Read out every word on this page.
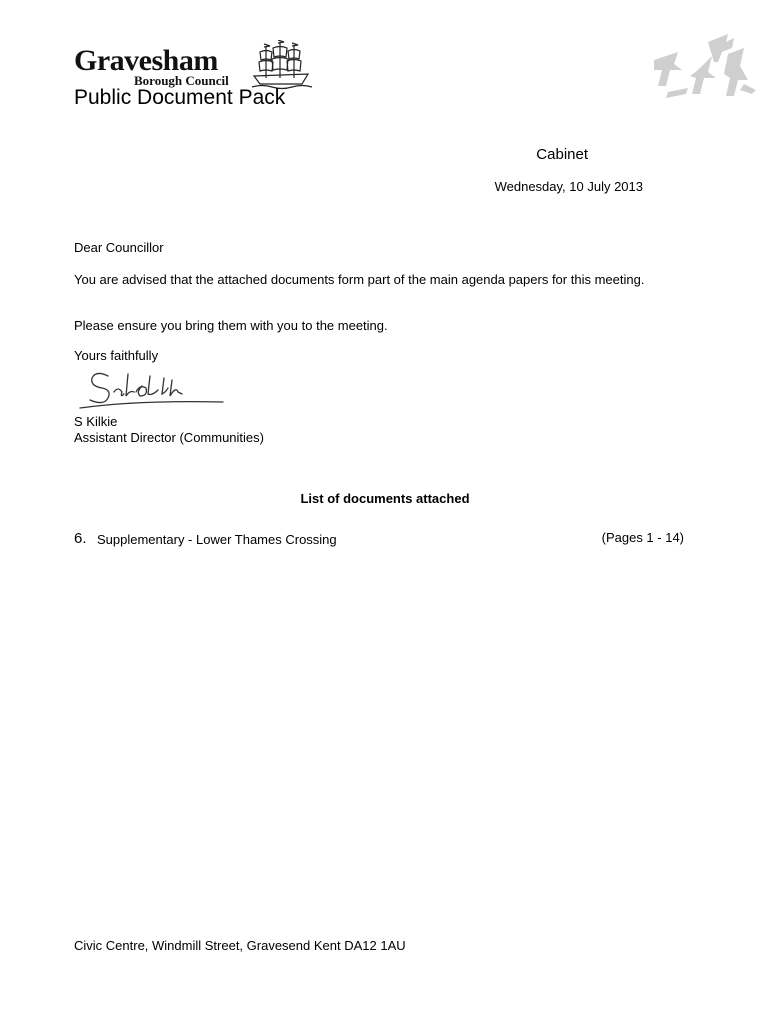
Gravesham
Borough Council
Public Document Pack
Cabinet
Wednesday, 10 July 2013
Dear Councillor
You are advised that the attached documents form part of the main agenda papers for this meeting.
Please ensure you bring them with you to the meeting.
Yours faithfully
S Kilkie
Assistant Director (Communities)
List of documents attached
6. Supplementary - Lower Thames Crossing	(Pages 1 - 14)
Civic Centre, Windmill Street, Gravesend Kent DA12 1AU
